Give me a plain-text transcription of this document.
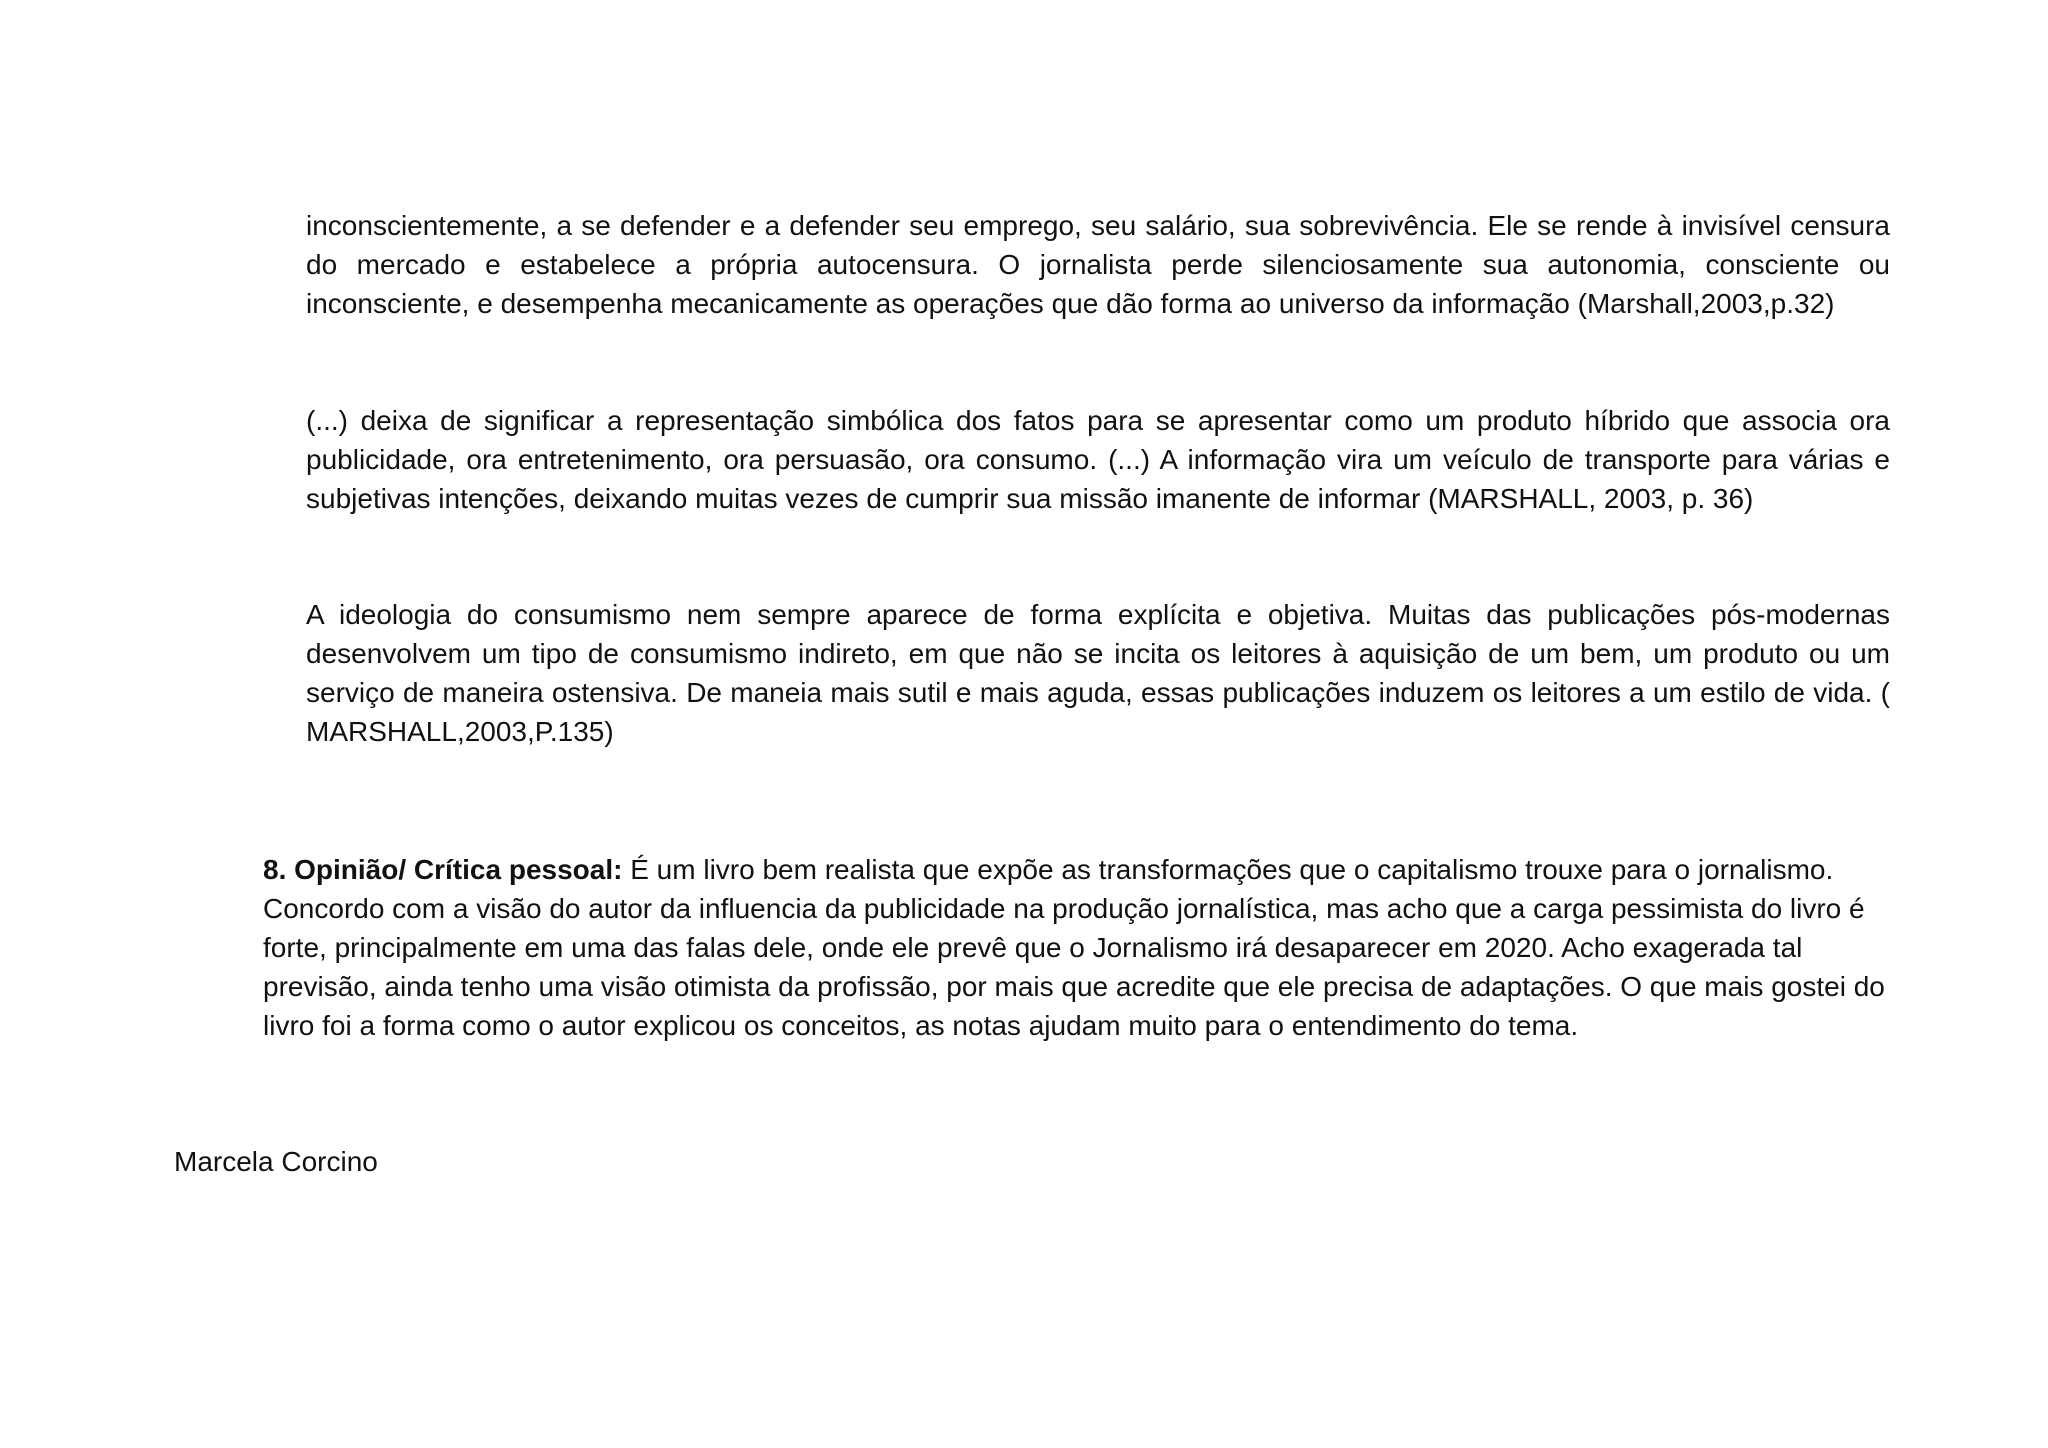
inconscientemente, a se defender e a defender seu emprego, seu salário, sua sobrevivência. Ele se rende à invisível censura do mercado e estabelece a própria autocensura. O jornalista perde silenciosamente sua autonomia, consciente ou inconsciente, e desempenha mecanicamente as operações que dão forma ao universo da informação (Marshall,2003,p.32)

(...) deixa de significar a representação simbólica dos fatos para se apresentar como um produto híbrido que associa ora publicidade, ora entretenimento, ora persuasão, ora consumo. (...) A informação vira um veículo de transporte para várias e subjetivas intenções, deixando muitas vezes de cumprir sua missão imanente de informar (MARSHALL, 2003, p. 36)

A ideologia do consumismo nem sempre aparece de forma explícita e objetiva. Muitas das publicações pós-modernas desenvolvem um tipo de consumismo indireto, em que não se incita os leitores à aquisição de um bem, um produto ou um serviço de maneira ostensiva. De maneia mais sutil e mais aguda, essas publicações induzem os leitores a um estilo de vida. ( MARSHALL,2003,P.135)

8. Opinião/ Crítica pessoal: É um livro bem realista que expõe as transformações que o capitalismo trouxe para o jornalismo. Concordo com a visão do autor da influencia da publicidade na produção jornalística, mas acho que a carga pessimista do livro é forte, principalmente em uma das falas dele, onde ele prevê que o Jornalismo irá desaparecer em 2020. Acho exagerada tal previsão, ainda tenho uma visão otimista da profissão, por mais que acredite que ele precisa de adaptações. O que mais gostei do livro foi a forma como o autor explicou os conceitos, as notas ajudam muito para o entendimento do tema.

Marcela Corcino
